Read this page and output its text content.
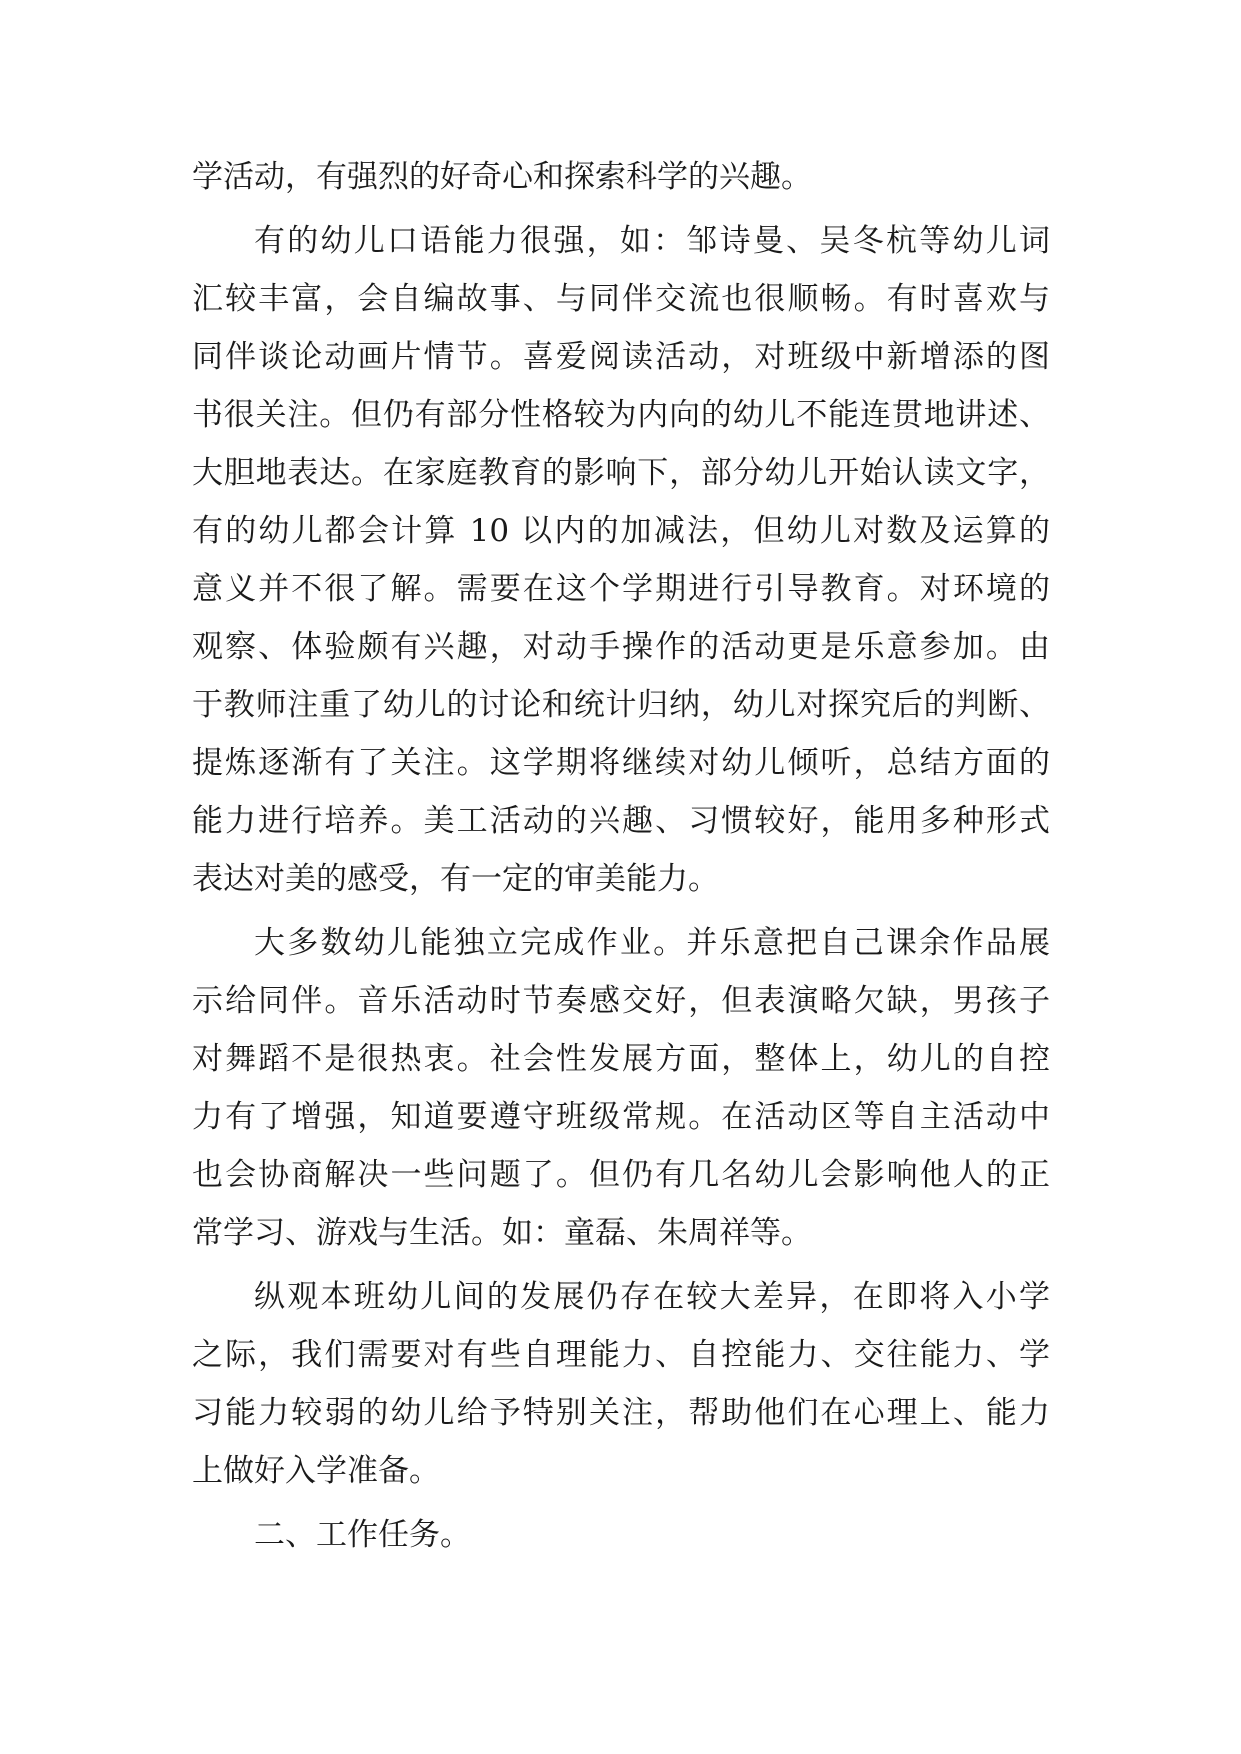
学活动，有强烈的好奇心和探索科学的兴趣。
有的幼儿口语能力很强，如：邹诗曼、吴冬杭等幼儿词
汇较丰富，会自编故事、与同伴交流也很顺畅。有时喜欢与
同伴谈论动画片情节。喜爱阅读活动，对班级中新增添的图
书很关注。但仍有部分性格较为内向的幼儿不能连贯地讲述、
大胆地表达。在家庭教育的影响下，部分幼儿开始认读文字，
有的幼儿都会计算 10 以内的加减法，但幼儿对数及运算的
意义并不很了解。需要在这个学期进行引导教育。对环境的
观察、体验颇有兴趣，对动手操作的活动更是乐意参加。由
于教师注重了幼儿的讨论和统计归纳，幼儿对探究后的判断、
提炼逐渐有了关注。这学期将继续对幼儿倾听，总结方面的
能力进行培养。美工活动的兴趣、习惯较好，能用多种形式
表达对美的感受，有一定的审美能力。
大多数幼儿能独立完成作业。并乐意把自己课余作品展
示给同伴。音乐活动时节奏感交好，但表演略欠缺，男孩子
对舞蹈不是很热衷。社会性发展方面，整体上，幼儿的自控
力有了增强，知道要遵守班级常规。在活动区等自主活动中
也会协商解决一些问题了。但仍有几名幼儿会影响他人的正
常学习、游戏与生活。如：童磊、朱周祥等。
纵观本班幼儿间的发展仍存在较大差异，在即将入小学
之际，我们需要对有些自理能力、自控能力、交往能力、学
习能力较弱的幼儿给予特别关注，帮助他们在心理上、能力
上做好入学准备。
二、工作任务。
